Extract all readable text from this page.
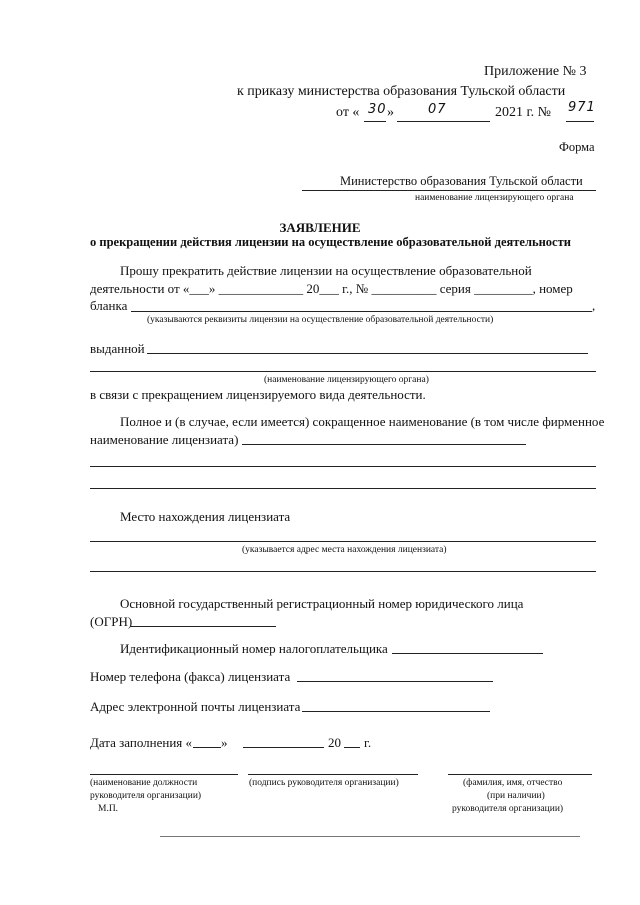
Приложение № 3
к приказу министерства образования Тульской области
от « 30 »	07	2021 г. № 971
Форма
Министерство образования Тульской области
наименование лицензирующего органа
ЗАЯВЛЕНИЕ
о прекращении действия лицензии на осуществление образовательной деятельности
Прошу прекратить действие лицензии на осуществление образовательной
деятельности от «___» _____________ 20___ г., № __________ серия _________, номер
бланка	,
(указываются реквизиты лицензии на осуществление образовательной деятельности)
выданной
(наименование лицензирующего органа)
в связи с прекращением лицензируемого вида деятельности.
Полное и (в случае, если имеется) сокращенное наименование (в том числе фирменное
наименование лицензиата)
Место нахождения лицензиата
(указывается адрес места нахождения лицензиата)
Основной государственный регистрационный номер юридического лица
(ОГРН)
Идентификационный номер налогоплательщика
Номер телефона (факса) лицензиата
Адрес электронной почты лицензиата
Дата заполнения « »	20 г.
(наименование должности
руководителя организации)
М.П.
(подпись руководителя организации)	(фамилия, имя, отчество
(при наличии)
руководителя организации)
